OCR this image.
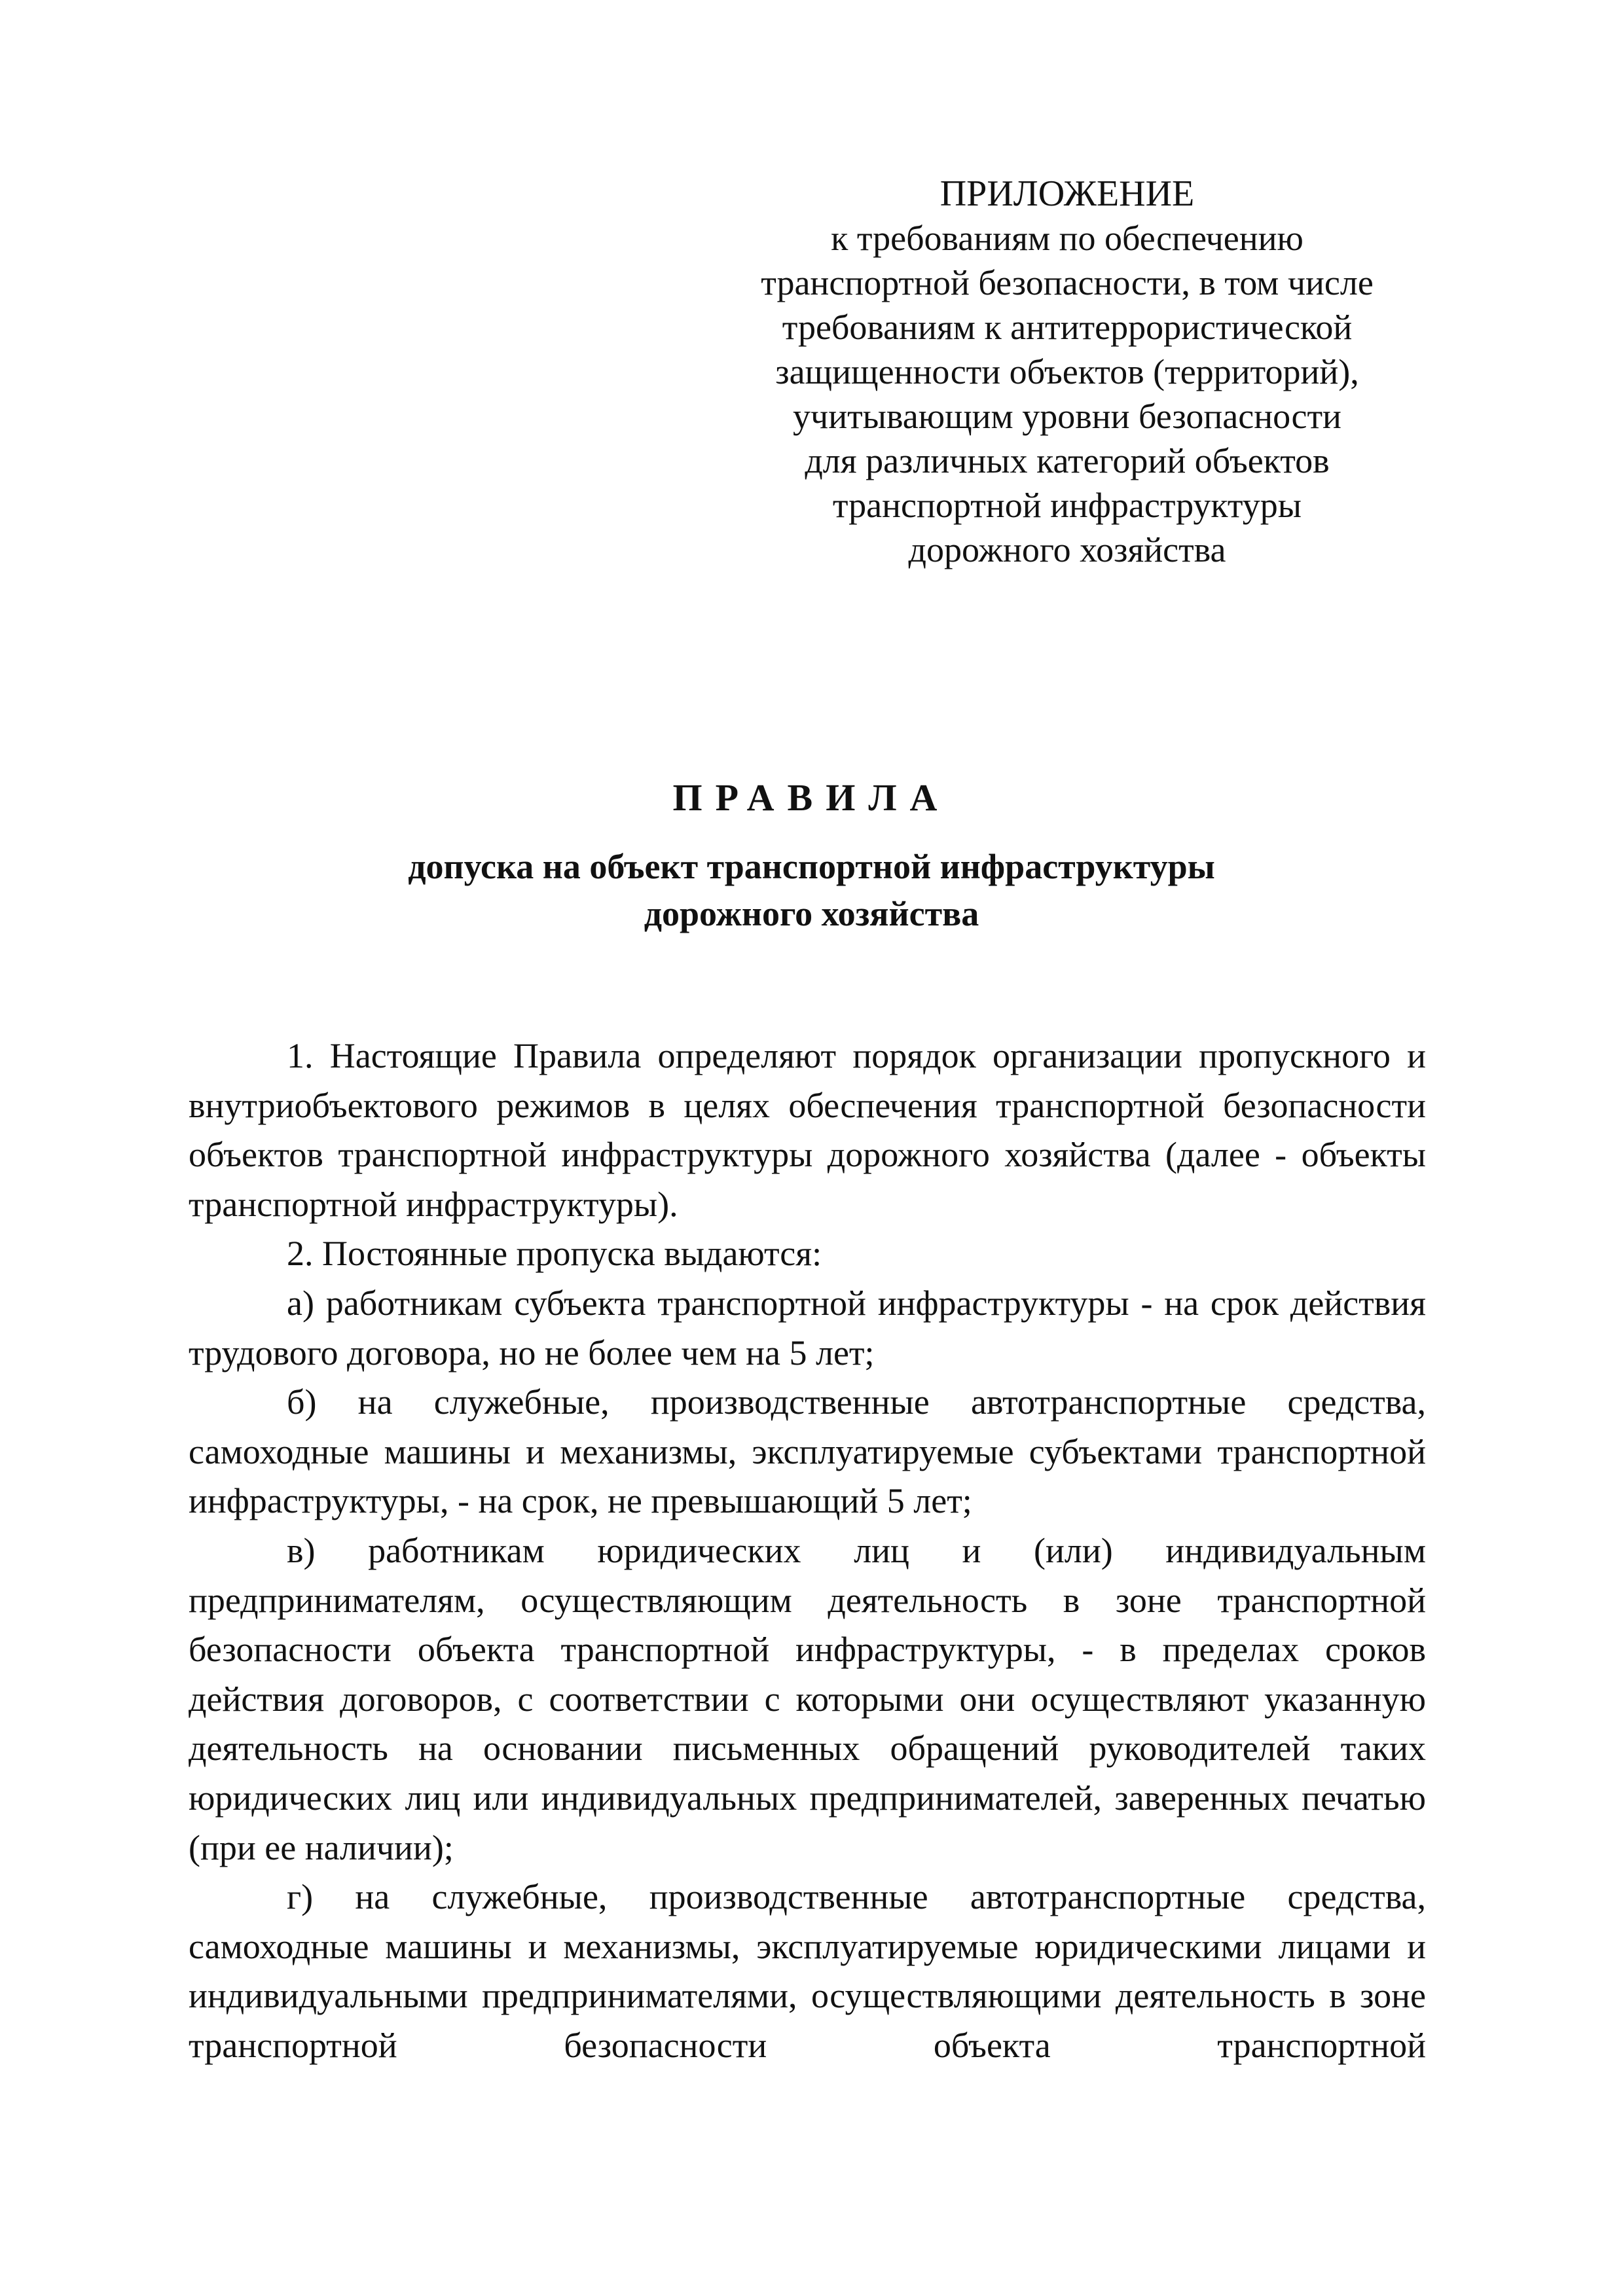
ПРИЛОЖЕНИЕ
к требованиям по обеспечению
транспортной безопасности, в том числе
требованиям к антитеррористической
защищенности объектов (территорий),
учитывающим уровни безопасности
для различных категорий объектов
транспортной инфраструктуры
дорожного хозяйства
ПРАВИЛА
допуска на объект транспортной инфраструктуры
дорожного хозяйства

1. Настоящие Правила определяют порядок организации пропускного и внутриобъектового режимов в целях обеспечения транспортной безопасности объектов транспортной инфраструктуры дорожного хозяйства (далее - объекты транспортной инфраструктуры).

2. Постоянные пропуска выдаются:

а) работникам субъекта транспортной инфраструктуры - на срок действия трудового договора, но не более чем на 5 лет;

б) на служебные, производственные автотранспортные средства, самоходные машины и механизмы, эксплуатируемые субъектами транспортной инфраструктуры, - на срок, не превышающий 5 лет;

в) работникам юридических лиц и (или) индивидуальным предпринимателям, осуществляющим деятельность в зоне транспортной безопасности объекта транспортной инфраструктуры, - в пределах сроков действия договоров, с соответствии с которыми они осуществляют указанную деятельность на основании письменных обращений руководителей таких юридических лиц или индивидуальных предпринимателей, заверенных печатью (при ее наличии);

г) на служебные, производственные автотранспортные средства, самоходные машины и механизмы, эксплуатируемые юридическими лицами и индивидуальными предпринимателями, осуществляющими деятельность в зоне транспортной безопасности объекта транспортной
